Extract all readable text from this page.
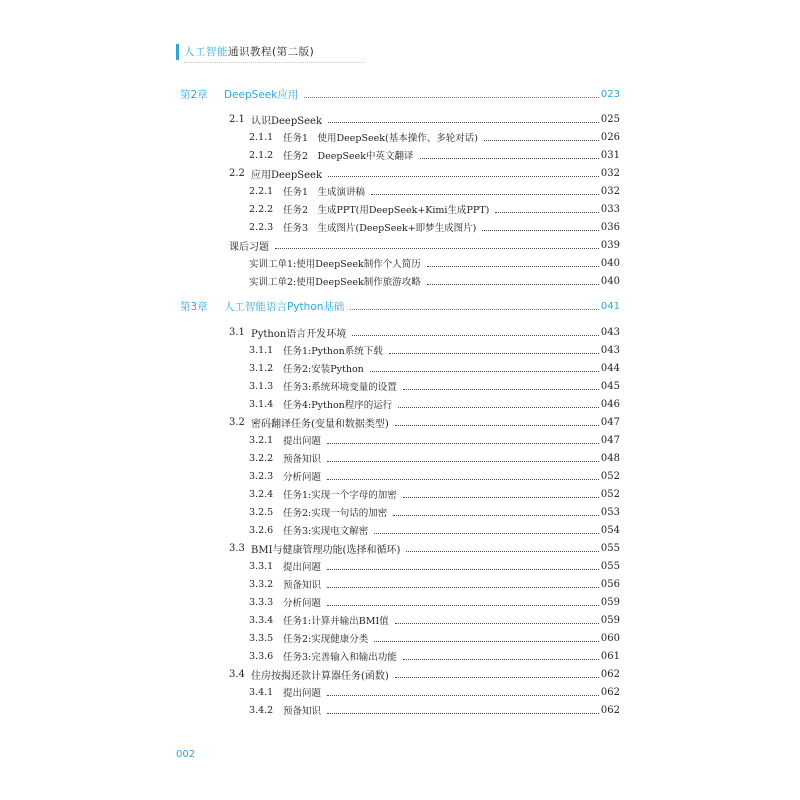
人工智能通识教程(第二版)
第2章	DeepSeek应用	023
2.1 认识DeepSeek	025
2.1.1	任务1　使用DeepSeek(基本操作、多轮对话)	026
2.1.2	任务2　DeepSeek中英文翻译	031
2.2 应用DeepSeek	032
2.2.1	任务1　生成演讲稿	032
2.2.2	任务2　生成PPT(用DeepSeek+Kimi生成PPT)	033
2.2.3	任务3　生成图片(DeepSeek+即梦生成图片)	036
课后习题	039
实训工单1:使用DeepSeek制作个人简历	040
实训工单2:使用DeepSeek制作旅游攻略	040
第3章	人工智能语言Python基础	041
3.1 Python语言开发环境	043
3.1.1	任务1:Python系统下载	043
3.1.2	任务2:安装Python	044
3.1.3	任务3:系统环境变量的设置	045
3.1.4	任务4:Python程序的运行	046
3.2 密码翻译任务(变量和数据类型)	047
3.2.1	提出问题	047
3.2.2	预备知识	048
3.2.3	分析问题	052
3.2.4	任务1:实现一个字母的加密	052
3.2.5	任务2:实现一句话的加密	053
3.2.6	任务3:实现电文解密	054
3.3 BMI与健康管理功能(选择和循环)	055
3.3.1	提出问题	055
3.3.2	预备知识	056
3.3.3	分析问题	059
3.3.4	任务1:计算并输出BMI值	059
3.3.5	任务2:实现健康分类	060
3.3.6	任务3:完善输入和输出功能	061
3.4 住房按揭还款计算器任务(函数)	062
3.4.1	提出问题	062
3.4.2	预备知识	062
002
